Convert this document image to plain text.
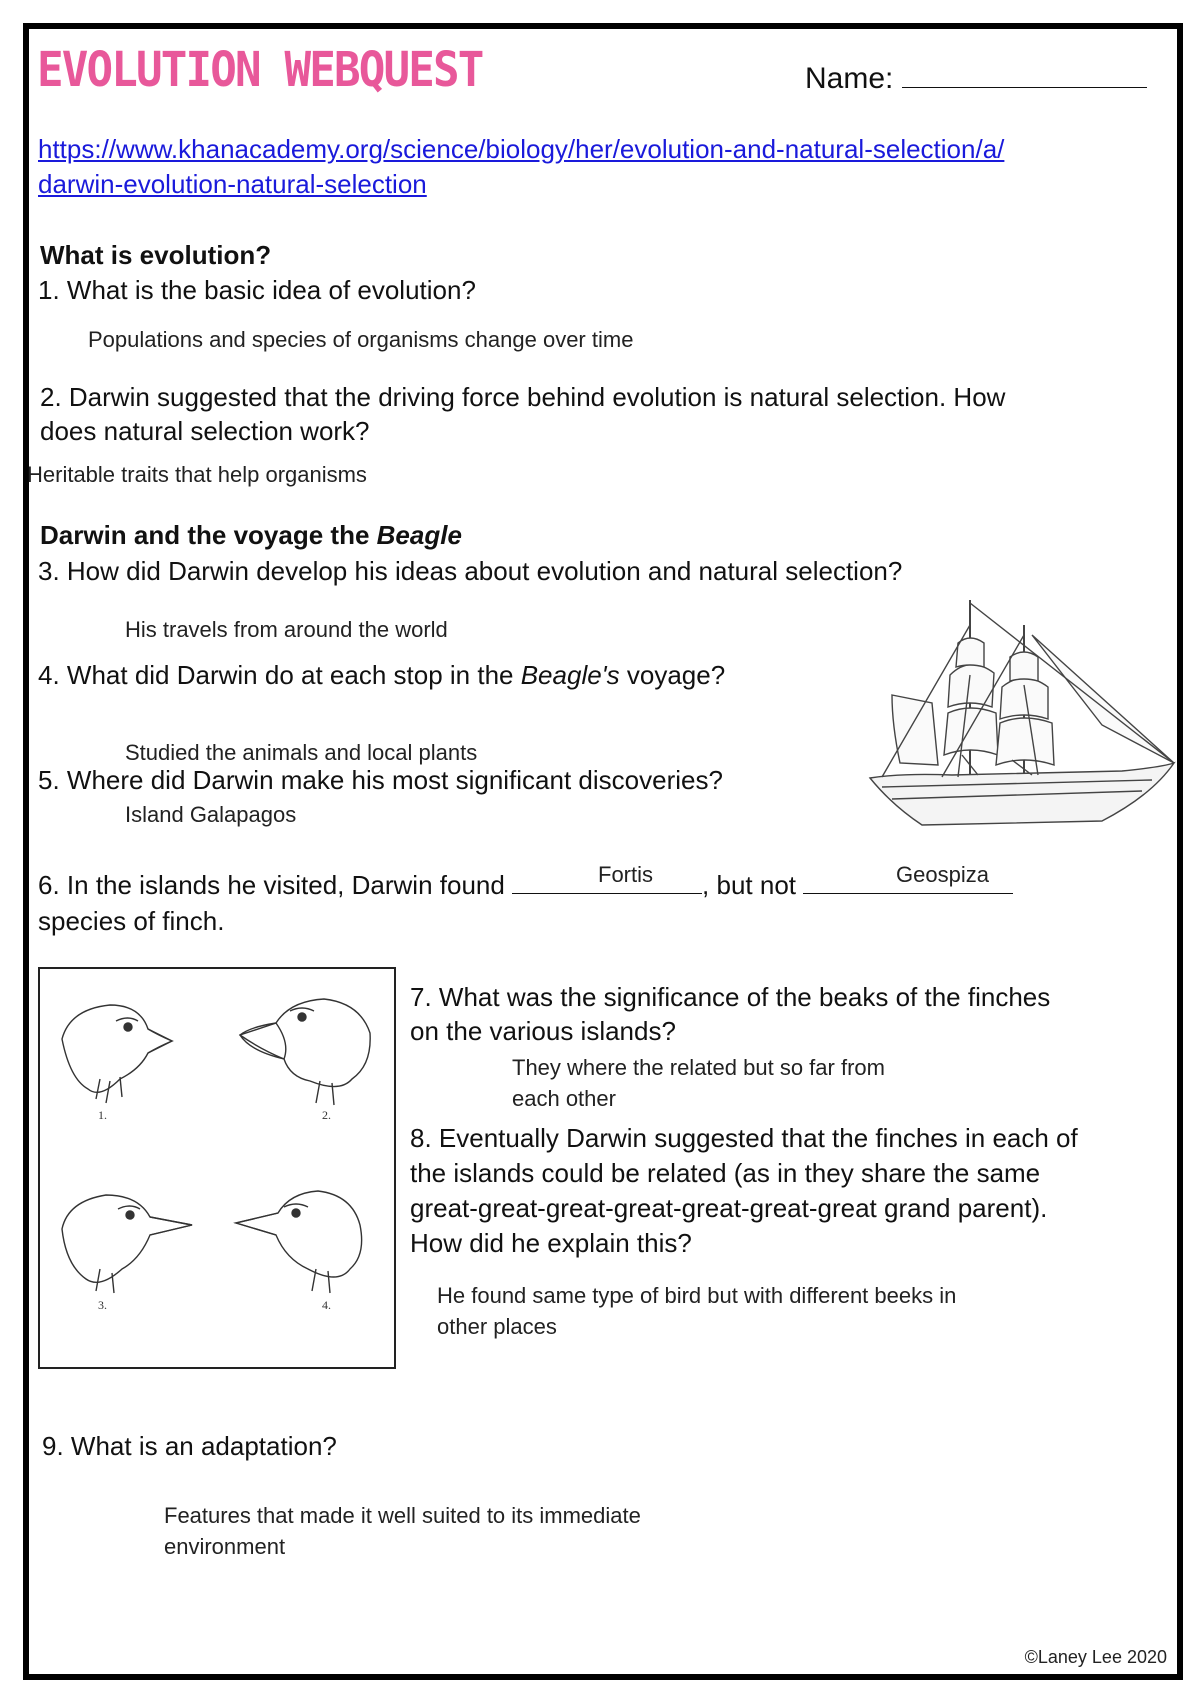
EVOLUTION WEBQUEST	Name:
https://www.khanacademy.org/science/biology/her/evolution-and-natural-selection/a/
darwin-evolution-natural-selection
What is evolution?
1. What is the basic idea of evolution?
Populations and species of organisms change over time
2. Darwin suggested that the driving force behind evolution is natural selection. How
does natural selection work?
Heritable traits that help organisms
Darwin and the voyage the Beagle
3. How did Darwin develop his ideas about evolution and natural selection?
His travels from around the world
4. What did Darwin do at each stop in the Beagle's voyage?
Studied the animals and local plants
5. Where did Darwin make his most significant discoveries?
Island Galapagos
6. In the islands he visited, Darwin found	, but not
Fortis	Geospiza
species of finch.
1.	2.
3.	4.
7. What was the significance of the beaks of the finches
on the various islands?
They where the related but so far from
each other
8. Eventually Darwin suggested that the finches in each of
the islands could be related (as in they share the same
great-great-great-great-great-great-great grand parent).
How did he explain this?
He found same type of bird but with different beeks in
other places
9. What is an adaptation?
Features that made it well suited to its immediate
environment
©Laney Lee 2020
